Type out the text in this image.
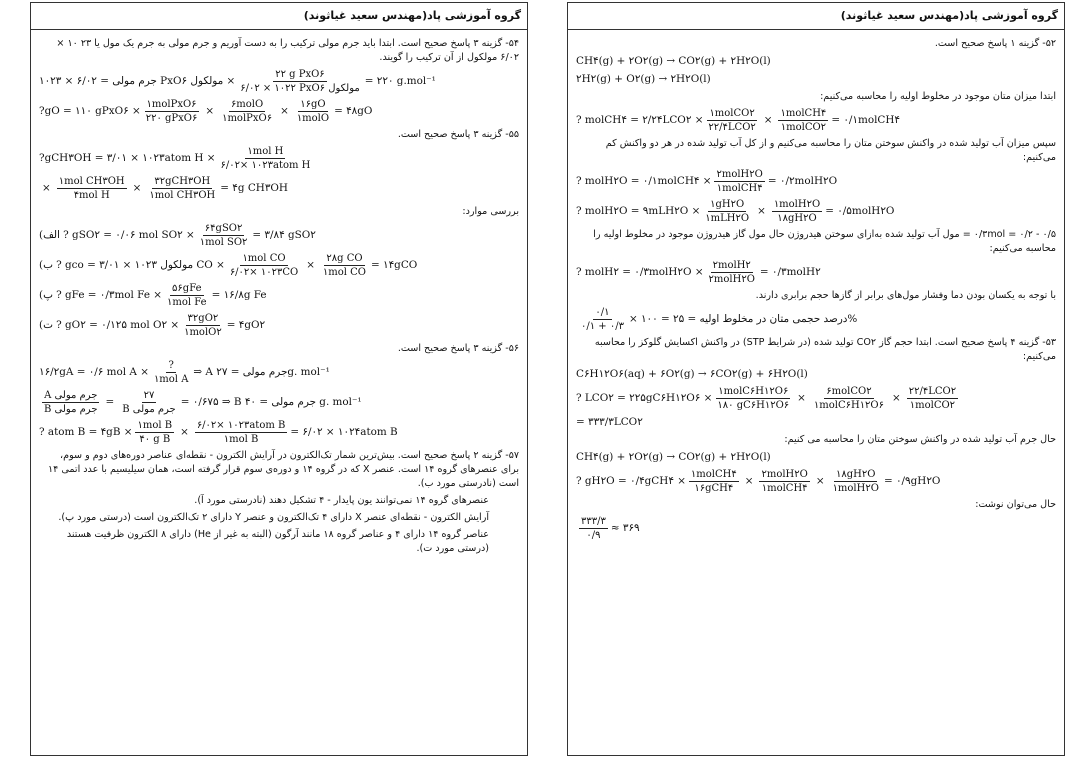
گروه آموزشی پاد(مهندس سعید غیاثوند)
۵۴- گزینه ۳ پاسخ صحیح است. ابتدا باید جرم مولی ترکیب را به دست آوریم و جرم مولی به جرم یک مول یا ۲۳ ۱۰ × ۶/۰۲ مولکول از آن ترکیب را گویند.
جرم مولی = ۶/۰۲ × ۱۰۲۳ PxO۶ مولکول ×
۲۲ g PxO۶
۶/۰۲ × ۱۰۲۲ PxO۶ مولکول
= ۲۲۰ g.mol⁻¹
?gO = ۱۱۰ gPxO۶ ×
۱molPxO۶
۲۲۰ gPxO۶
×
۶molO
۱molPxO۶
×
۱۶gO
۱molO
= ۴۸gO
۵۵- گزینه ۳ پاسخ صحیح است.
?gCH۳OH = ۳/۰۱ × ۱۰۲۳atom H ×
۱mol H
۶/۰۲× ۱۰۲۳atom H
×
۱mol CH۳OH
۴mol H
×
۳۲gCH۳OH
۱mol CH۳OH
= ۴g CH۳OH
بررسی موارد:
(الف ? gSO۲ = ۰/۰۶ mol SO۲ ×
۶۴gSO۲
۱mol SO۲
= ۳/۸۴ gSO۲
(ب ? gco = ۳/۰۱ × ۱۰۲۳ مولکول CO ×
۱mol CO
۶/۰۲× ۱۰۲۳CO
×
۲۸g CO
۱mol CO
= ۱۴gCO
(پ ? gFe = ۰/۳mol Fe ×
۵۶gFe
۱mol Fe
= ۱۶/۸g Fe
(ت ? gO۲ = ۰/۱۲۵ mol O۲ ×
۳۲gO۲
۱molO۲
= ۴gO۲
۵۶- گزینه ۳ پاسخ صحیح است.
۱۶/۲gA = ۰/۶ mol A ×
?
۱mol A
⇒ A جرم مولی = ۲۷g. mol⁻¹
A جرم مولی
B جرم مولی
=
۲۷
B جرم مولی
= ۰/۶۷۵ ⇒ B جرم مولی = ۴۰ g. mol⁻¹
? atom B = ۴gB ×
۱mol B
۴۰ g B
×
۶/۰۲× ۱۰۲۳atom B
۱mol B
= ۶/۰۲ × ۱۰۲۴atom B
۵۷- گزینه ۲ پاسخ صحیح است. بیش‌ترین شمار تک‌الکترون در آرایش الکترون - نقطه‌ای عناصر دوره‌های دوم و سوم، برای عنصرهای گروه ۱۴ است. عنصر X که در گروه ۱۴ و دوره‌ی سوم قرار گرفته است، همان سیلیسیم با عدد اتمی ۱۴ است (نادرستی مورد ب).
عنصرهای گروه ۱۴ نمی‌توانند یون پایدار - ۴ تشکیل دهند (نادرستی مورد آ).
آرایش الکترون - نقطه‌ای عنصر X دارای ۴ تک‌الکترون و عنصر Y دارای ۲ تک‌الکترون است (درستی مورد پ).
عناصر گروه ۱۴ دارای ۴ و عناصر گروه ۱۸ مانند آرگون (البته به غیر از He) دارای ۸ الکترون ظرفیت هستند (درستی مورد ت).
گروه آموزشی پاد(مهندس سعید غیاثوند)
۵۲- گزینه ۱ پاسخ صحیح است.
CH۴(g) + ۲O۲(g) → CO۲(g) + ۲H۲O(l)
۲H۲(g) + O۲(g) → ۲H۲O(l)
ابتدا میزان متان موجود در مخلوط اولیه را محاسبه می‌کنیم:
? molCH۴ = ۲/۲۴LCO۲ ×
۱molCO۲
۲۲/۴LCO۲
×
۱molCH۴
۱molCO۲
= ۰/۱molCH۴
سپس میزان آب تولید شده در واکنش سوختن متان را محاسبه می‌کنیم و از کل آب تولید شده در هر دو واکنش کم می‌کنیم:
? molH۲O = ۰/۱molCH۴ ×
۲molH۲O
۱molCH۴
= ۰/۲molH۲O
? molH۲O = ۹mLH۲O ×
۱gH۲O
۱mLH۲O
×
۱molH۲O
۱۸gH۲O
= ۰/۵molH۲O
۰/۳mol = ۰/۲ - ۰/۵ = مول آب تولید شده به‌ازای سوختن هیدروژن حال مول گاز هیدروژن موجود در مخلوط اولیه را محاسبه می‌کنیم:
? molH۲ = ۰/۳molH۲O ×
۲molH۲
۲molH۲O
= ۰/۳molH۲
با توجه به یکسان بودن دما وفشار مول‌های برابر از گازها حجم برابری دارند.
۰/۱
۰/۱ + ۰/۳
× ۱۰۰ = درصد حجمی متان در مخلوط اولیه = ۲۵%
۵۳- گزینه ۴ پاسخ صحیح است. ابتدا حجم گاز CO۲ تولید شده (در شرایط STP) در واکنش اکسایش گلوکز را محاسبه می‌کنیم:
C۶H۱۲O۶(aq) + ۶O۲(g) → ۶CO۲(g) + ۶H۲O(l)
? LCO۲ = ۲۲۵gC۶H۱۲O۶ ×
۱molC۶H۱۲O۶
۱۸۰ gC۶H۱۲O۶
×
۶molCO۲
۱molC۶H۱۲O۶
×
۲۲/۴LCO۲
۱molCO۲
= ۳۳۳/۳LCO۲
حال جرم آب تولید شده در واکنش سوختن متان را محاسبه می کنیم:
CH۴(g) + ۲O۲(g) → CO۲(g) + ۲H۲O(l)
? gH۲O = ۰/۴gCH۴ ×
۱molCH۴
۱۶gCH۴
×
۲molH۲O
۱molCH۴
×
۱۸gH۲O
۱molH۲O
= ۰/۹gH۲O
حال می‌توان نوشت:
۳۳۳/۳
۰/۹
≈ ۳۶۹
